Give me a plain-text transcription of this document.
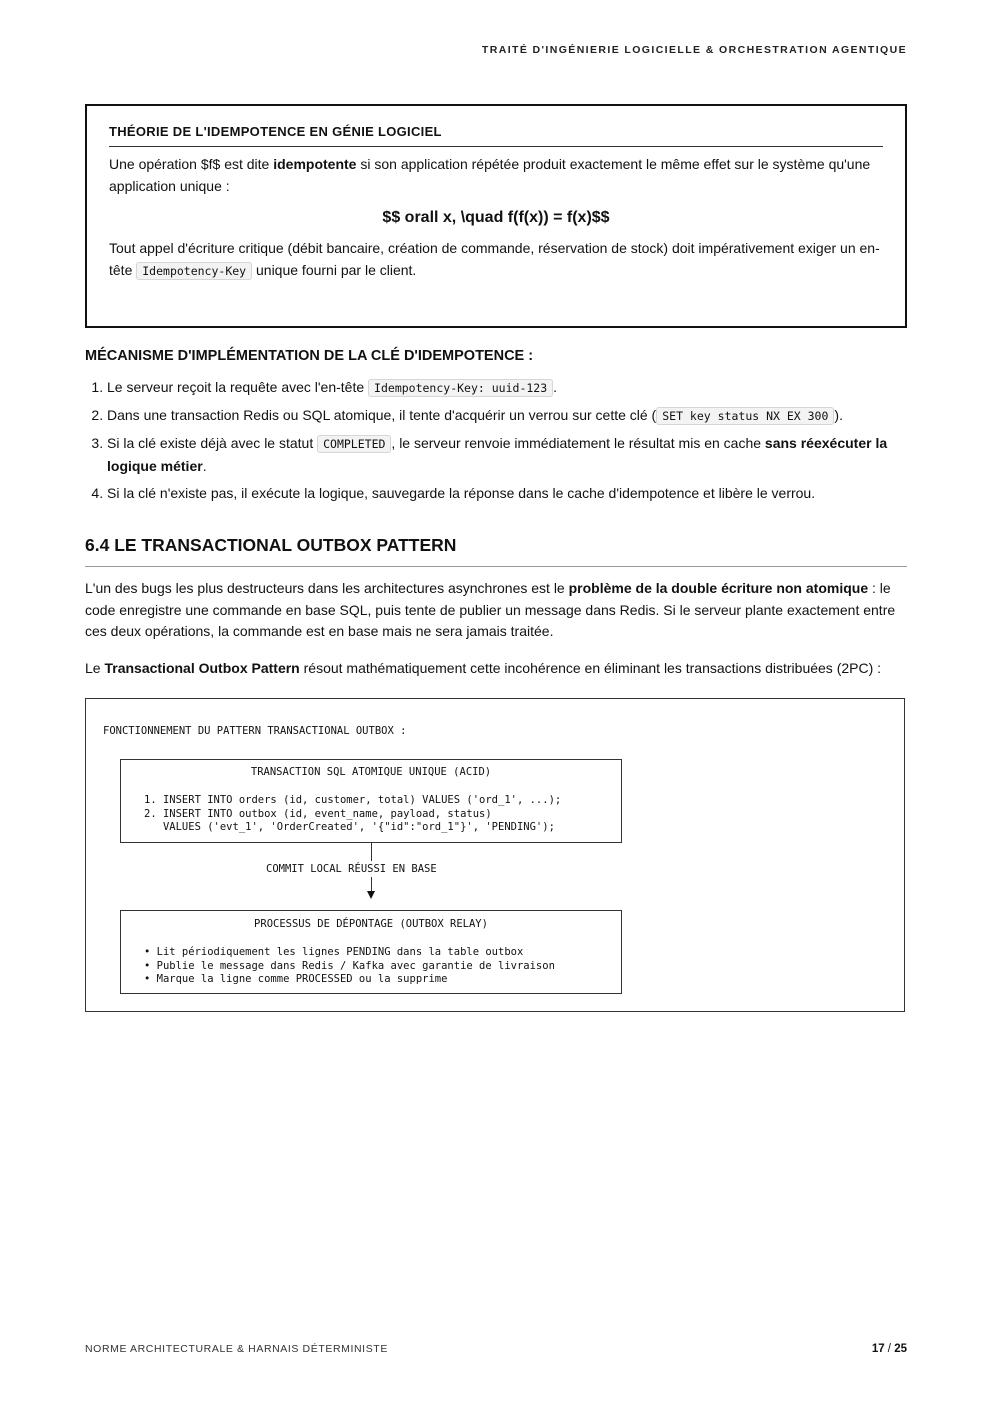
TRAITÉ D'INGÉNIERIE LOGICIELLE & ORCHESTRATION AGENTIQUE
THÉORIE DE L'IDEMPOTENCE EN GÉNIE LOGICIEL

Une opération $f$ est dite idempotente si son application répétée produit exactement le même effet sur le système qu'une application unique :

$$ orall x, \quad f(f(x)) = f(x)$$

Tout appel d'écriture critique (débit bancaire, création de commande, réservation de stock) doit impérativement exiger un en-tête Idempotency-Key unique fourni par le client.

MÉCANISME D'IMPLÉMENTATION DE LA CLÉ D'IDEMPOTENCE :
1. Le serveur reçoit la requête avec l'en-tête Idempotency-Key: uuid-123 .
2. Dans une transaction Redis ou SQL atomique, il tente d'acquérir un verrou sur cette clé ( SET key status NX EX 300 ).
3. Si la clé existe déjà avec le statut COMPLETED , le serveur renvoie immédiatement le résultat mis en cache sans réexécuter la logique métier.
4. Si la clé n'existe pas, il exécute la logique, sauvegarde la réponse dans le cache d'idempotence et libère le verrou.
6.4 LE TRANSACTIONAL OUTBOX PATTERN

L'un des bugs les plus destructeurs dans les architectures asynchrones est le problème de la double écriture non atomique : le code enregistre une commande en base SQL, puis tente de publier un message dans Redis. Si le serveur plante exactement entre ces deux opérations, la commande est en base mais ne sera jamais traitée.

Le Transactional Outbox Pattern résout mathématiquement cette incohérence en éliminant les transactions distribuées (2PC) :

FONCTIONNEMENT DU PATTERN TRANSACTIONAL OUTBOX :
TRANSACTION SQL ATOMIQUE UNIQUE (ACID)
1. INSERT INTO orders (id, customer, total) VALUES ('ord_1', ...);
2. INSERT INTO outbox (id, event_name, payload, status)
VALUES ('evt_1', 'OrderCreated', '{"id":"ord_1"}', 'PENDING');
COMMIT LOCAL RÉUSSI EN BASE
PROCESSUS DE DÉPONTAGE (OUTBOX RELAY)
• Lit périodiquement les lignes PENDING dans la table outbox
• Publie le message dans Redis / Kafka avec garantie de livraison
• Marque la ligne comme PROCESSED ou la supprime
NORME ARCHITECTURALE & HARNAIS DÉTERMINISTE	17 / 25
